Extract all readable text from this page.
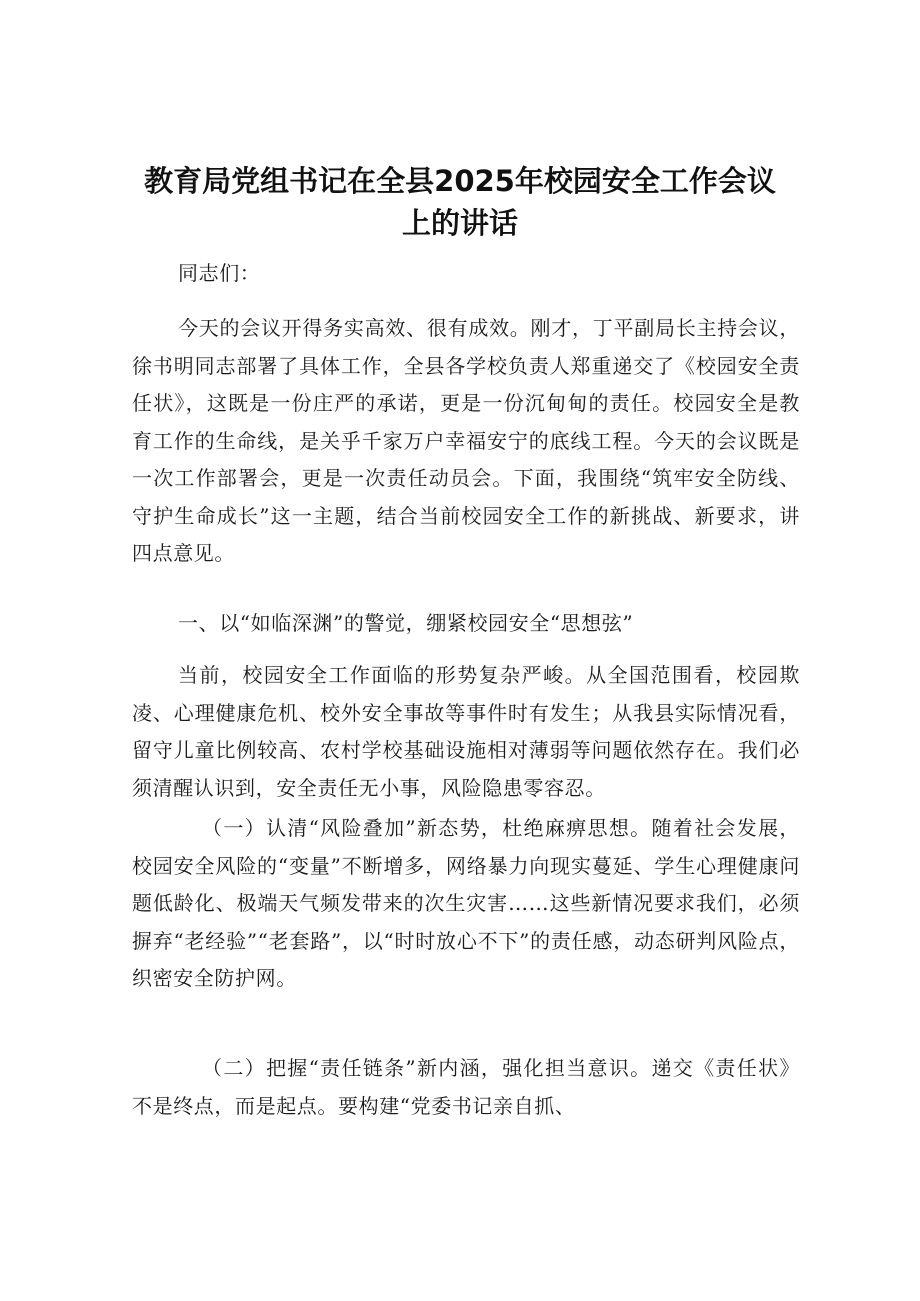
教育局党组书记在全县2025年校园安全工作会议上的讲话

同志们：

今天的会议开得务实高效、很有成效。刚才，丁平副局长主持会议，徐书明同志部署了具体工作，全县各学校负责人郑重递交了《校园安全责任状》，这既是一份庄严的承诺，更是一份沉甸甸的责任。校园安全是教育工作的生命线，是关乎千家万户幸福安宁的底线工程。今天的会议既是一次工作部署会，更是一次责任动员会。下面，我围绕“筑牢安全防线、守护生命成长”这一主题，结合当前校园安全工作的新挑战、新要求，讲四点意见。

一、以“如临深渊”的警觉，绷紧校园安全“思想弦”

当前，校园安全工作面临的形势复杂严峻。从全国范围看，校园欺凌、心理健康危机、校外安全事故等事件时有发生；从我县实际情况看，留守儿童比例较高、农村学校基础设施相对薄弱等问题依然存在。我们必须清醒认识到，安全责任无小事，风险隐患零容忍。

（一）认清“风险叠加”新态势，杜绝麻痹思想。随着社会发展，校园安全风险的“变量”不断增多，网络暴力向现实蔓延、学生心理健康问题低龄化、极端天气频发带来的次生灾害……这些新情况要求我们，必须摒弃“老经验”“老套路”，以“时时放心不下”的责任感，动态研判风险点，织密安全防护网。

（二）把握“责任链条”新内涵，强化担当意识。递交《责任状》不是终点，而是起点。要构建“党委书记亲自抓、
